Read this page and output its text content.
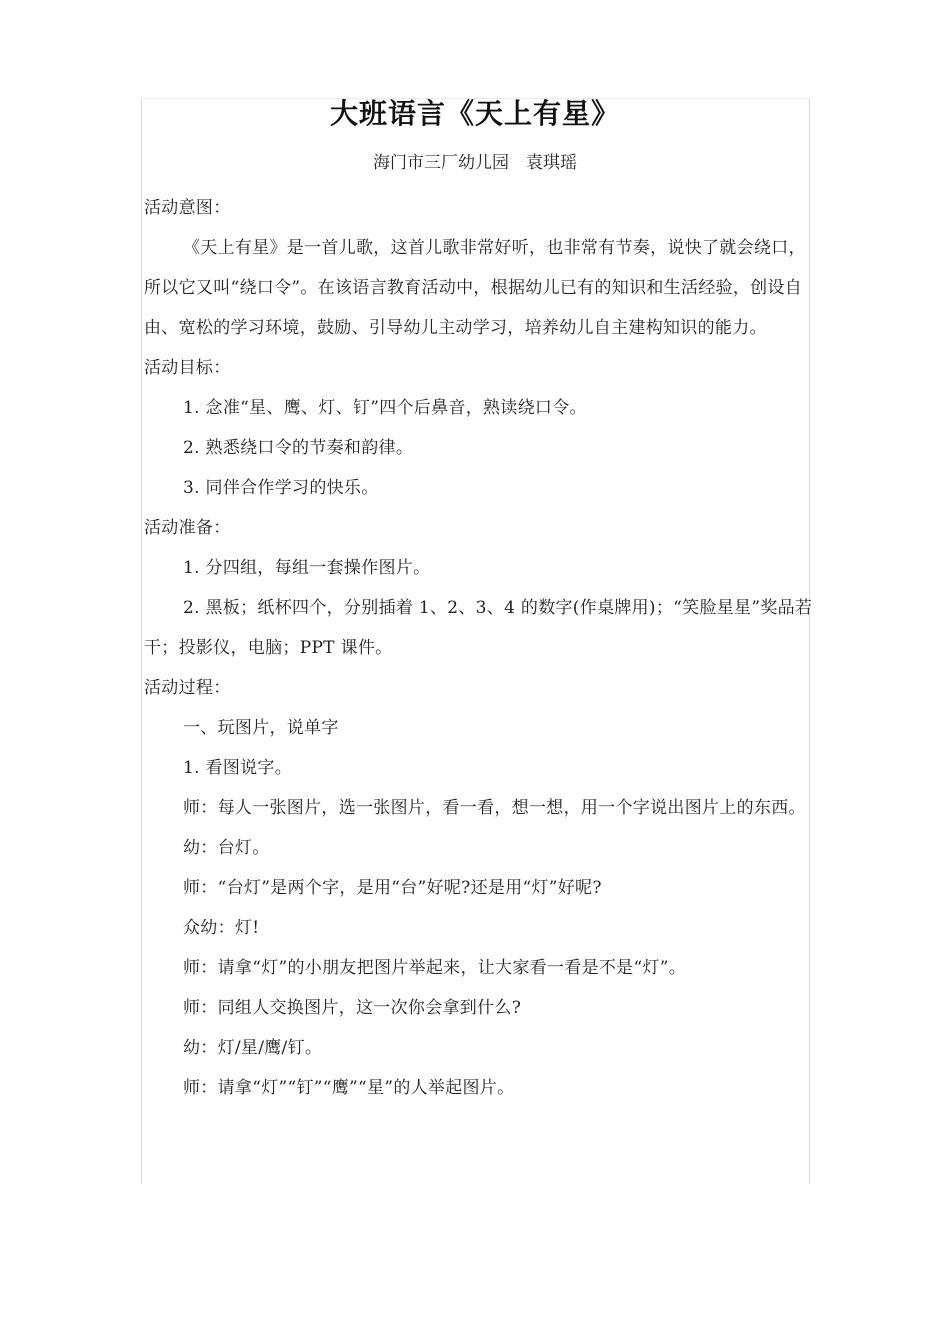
大班语言《天上有星》
海门市三厂幼儿园　袁琪瑶

活动意图：

《天上有星》是一首儿歌，这首儿歌非常好听，也非常有节奏，说快了就会绕口，所以它又叫“绕口令”。在该语言教育活动中，根据幼儿已有的知识和生活经验，创设自由、宽松的学习环境，鼓励、引导幼儿主动学习，培养幼儿自主建构知识的能力。

活动目标：

1. 念准“星、鹰、灯、钉”四个后鼻音，熟读绕口令。

2. 熟悉绕口令的节奏和韵律。

3. 同伴合作学习的快乐。

活动准备：

1. 分四组，每组一套操作图片。

2. 黑板；纸杯四个，分别插着 1、2、3、4 的数字(作桌牌用)；“笑脸星星”奖品若干；投影仪，电脑；PPT 课件。

活动过程：

一、玩图片，说单字

1. 看图说字。

师：每人一张图片，选一张图片，看一看，想一想，用一个字说出图片上的东西。

幼：台灯。

师：“台灯”是两个字，是用“台”好呢?还是用“灯”好呢?

众幼：灯!

师：请拿“灯”的小朋友把图片举起来，让大家看一看是不是“灯”。

师：同组人交换图片，这一次你会拿到什么?

幼：灯/星/鹰/钉。

师：请拿“灯”“钉”“鹰”“星”的人举起图片。
